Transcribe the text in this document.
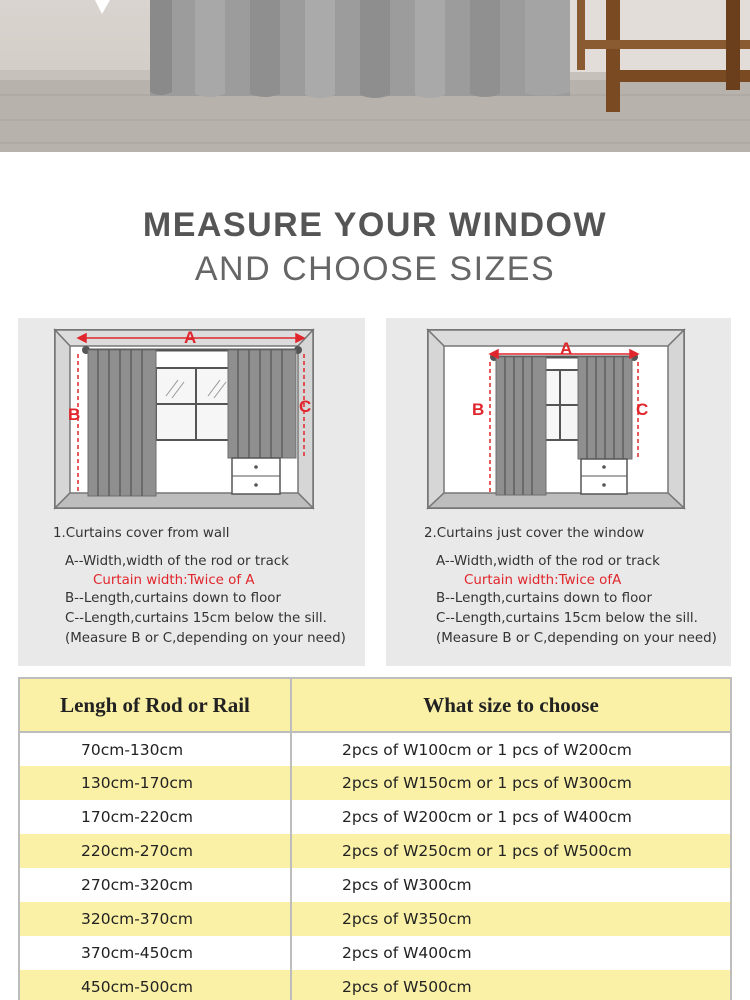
MEASURE YOUR WINDOW
AND CHOOSE SIZES
A
B	C
1.Curtains cover from wall
A--Width,width of the rod or track
Curtain width:Twice of A
B--Length,curtains down to floor
C--Length,curtains 15cm below the sill.
(Measure B or C,depending on your need)
A
B	C
2.Curtains just cover the window
A--Width,width of the rod or track
Curtain width:Twice ofA
B--Length,curtains down to floor
C--Length,curtains 15cm below the sill.
(Measure B or C,depending on your need)
Lengh of Rod or Rail	What size to choose
70cm-130cm	2pcs of W100cm or 1 pcs of W200cm
130cm-170cm	2pcs of W150cm or 1 pcs of W300cm
170cm-220cm	2pcs of W200cm or 1 pcs of W400cm
220cm-270cm	2pcs of W250cm or 1 pcs of W500cm
270cm-320cm	2pcs of W300cm
320cm-370cm	2pcs of W350cm
370cm-450cm	2pcs of W400cm
450cm-500cm	2pcs of W500cm
